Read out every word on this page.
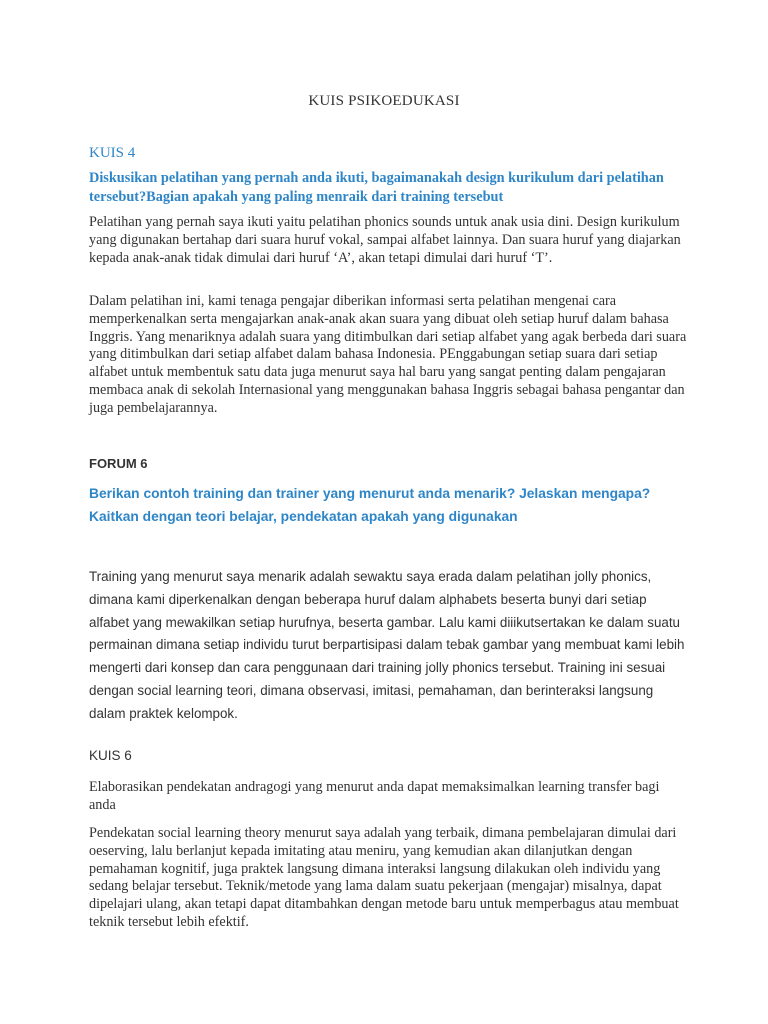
KUIS PSIKOEDUKASI
KUIS 4

Diskusikan pelatihan yang pernah anda ikuti, bagaimanakah design kurikulum dari pelatihan tersebut?Bagian apakah yang paling menraik dari training tersebut

Pelatihan yang pernah saya ikuti yaitu pelatihan phonics sounds untuk anak usia dini. Design kurikulum yang digunakan bertahap dari suara huruf vokal, sampai alfabet lainnya. Dan suara huruf yang diajarkan kepada anak-anak tidak dimulai dari huruf ‘A’, akan tetapi dimulai dari huruf ‘T’.

Dalam pelatihan ini, kami tenaga pengajar diberikan informasi serta pelatihan mengenai cara memperkenalkan serta mengajarkan anak-anak akan suara yang dibuat oleh setiap huruf dalam bahasa Inggris. Yang menariknya adalah suara yang ditimbulkan dari setiap alfabet yang agak berbeda dari suara yang ditimbulkan dari setiap alfabet dalam bahasa Indonesia. PEnggabungan setiap suara dari setiap alfabet untuk membentuk satu data juga menurut saya hal baru yang sangat penting dalam pengajaran membaca anak di sekolah Internasional yang menggunakan bahasa Inggris sebagai bahasa pengantar dan juga pembelajarannya.

FORUM 6

Berikan contoh training dan trainer yang menurut anda menarik? Jelaskan mengapa? Kaitkan dengan teori belajar, pendekatan apakah yang digunakan

Training yang menurut saya menarik adalah sewaktu saya erada dalam pelatihan jolly phonics, dimana kami diperkenalkan dengan beberapa huruf dalam alphabets beserta bunyi dari setiap alfabet yang mewakilkan setiap hurufnya, beserta gambar. Lalu kami diiikutsertakan ke dalam suatu permainan dimana setiap individu turut berpartisipasi dalam tebak gambar yang membuat kami lebih mengerti dari konsep dan cara penggunaan dari training jolly phonics tersebut. Training ini sesuai dengan social learning teori, dimana observasi, imitasi, pemahaman, dan berinteraksi langsung dalam praktek kelompok.

KUIS 6

Elaborasikan pendekatan andragogi yang menurut anda dapat memaksimalkan learning transfer bagi anda

Pendekatan social learning theory menurut saya adalah yang terbaik, dimana pembelajaran dimulai dari oeserving, lalu berlanjut kepada imitating atau meniru, yang kemudian akan dilanjutkan dengan pemahaman kognitif, juga praktek langsung dimana interaksi langsung dilakukan oleh individu yang sedang belajar tersebut. Teknik/metode yang lama dalam suatu pekerjaan (mengajar) misalnya, dapat dipelajari ulang, akan tetapi dapat ditambahkan dengan metode baru untuk memperbagus atau membuat teknik tersebut lebih efektif.
